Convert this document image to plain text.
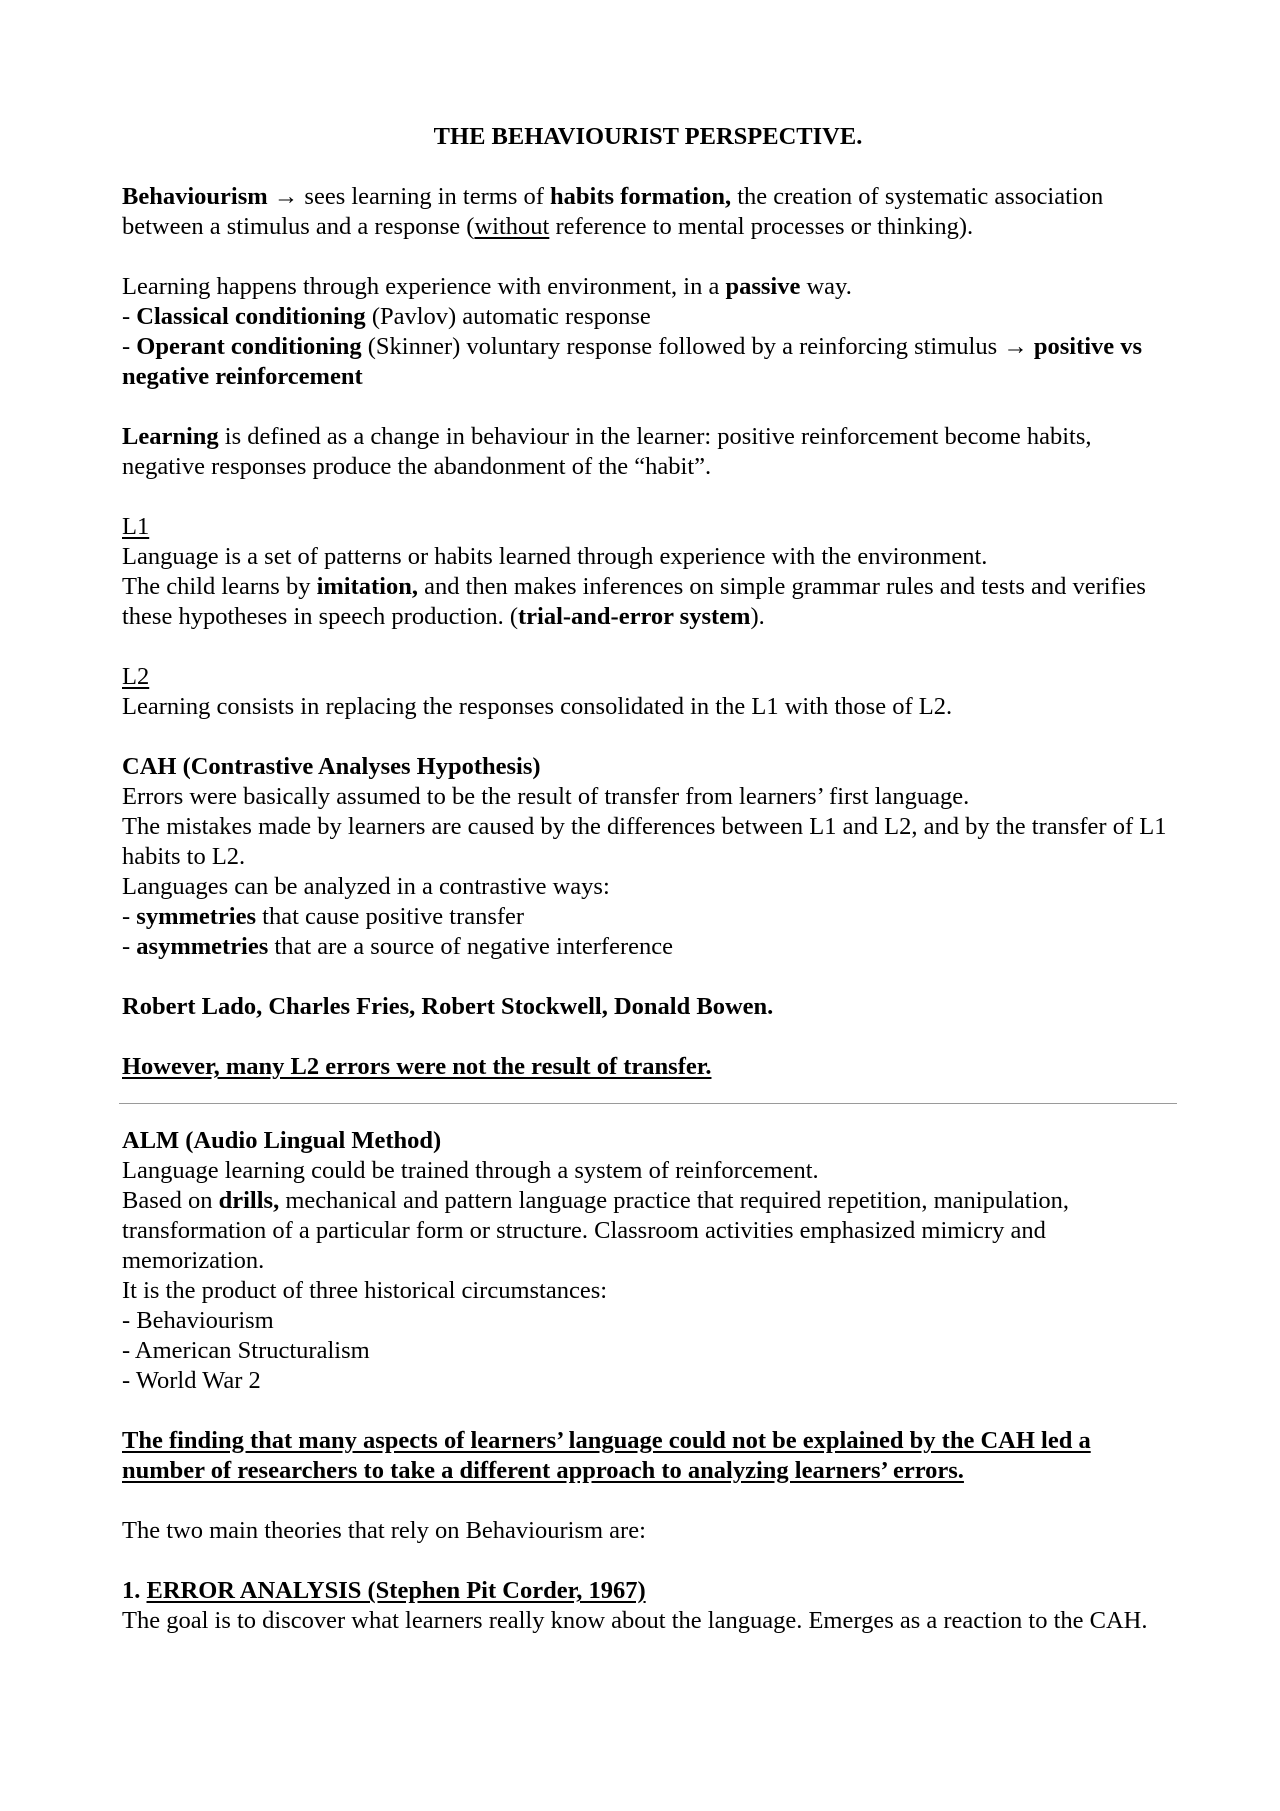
THE BEHAVIOURIST PERSPECTIVE.

Behaviourism → sees learning in terms of habits formation, the creation of systematic association between a stimulus and a response (without reference to mental processes or thinking).

Learning happens through experience with environment, in a passive way.

- Classical conditioning (Pavlov) automatic response

- Operant conditioning (Skinner) voluntary response followed by a reinforcing stimulus → positive vs negative reinforcement

Learning is defined as a change in behaviour in the learner: positive reinforcement become habits, negative responses produce the abandonment of the “habit”.

L1

Language is a set of patterns or habits learned through experience with the environment.

The child learns by imitation, and then makes inferences on simple grammar rules and tests and verifies these hypotheses in speech production. (trial-and-error system).

L2

Learning consists in replacing the responses consolidated in the L1 with those of L2.

CAH (Contrastive Analyses Hypothesis)

Errors were basically assumed to be the result of transfer from learners’ first language.

The mistakes made by learners are caused by the differences between L1 and L2, and by the transfer of L1 habits to L2.

Languages can be analyzed in a contrastive ways:

- symmetries that cause positive transfer

- asymmetries that are a source of negative interference

Robert Lado, Charles Fries, Robert Stockwell, Donald Bowen.

However, many L2 errors were not the result of transfer.

ALM (Audio Lingual Method)

Language learning could be trained through a system of reinforcement.

Based on drills, mechanical and pattern language practice that required repetition, manipulation, transformation of a particular form or structure. Classroom activities emphasized mimicry and memorization.

It is the product of three historical circumstances:

- Behaviourism

- American Structuralism

- World War 2

The finding that many aspects of learners’ language could not be explained by the CAH led a number of researchers to take a different approach to analyzing learners’ errors.

The two main theories that rely on Behaviourism are:

1. ERROR ANALYSIS (Stephen Pit Corder, 1967)

The goal is to discover what learners really know about the language. Emerges as a reaction to the CAH.
